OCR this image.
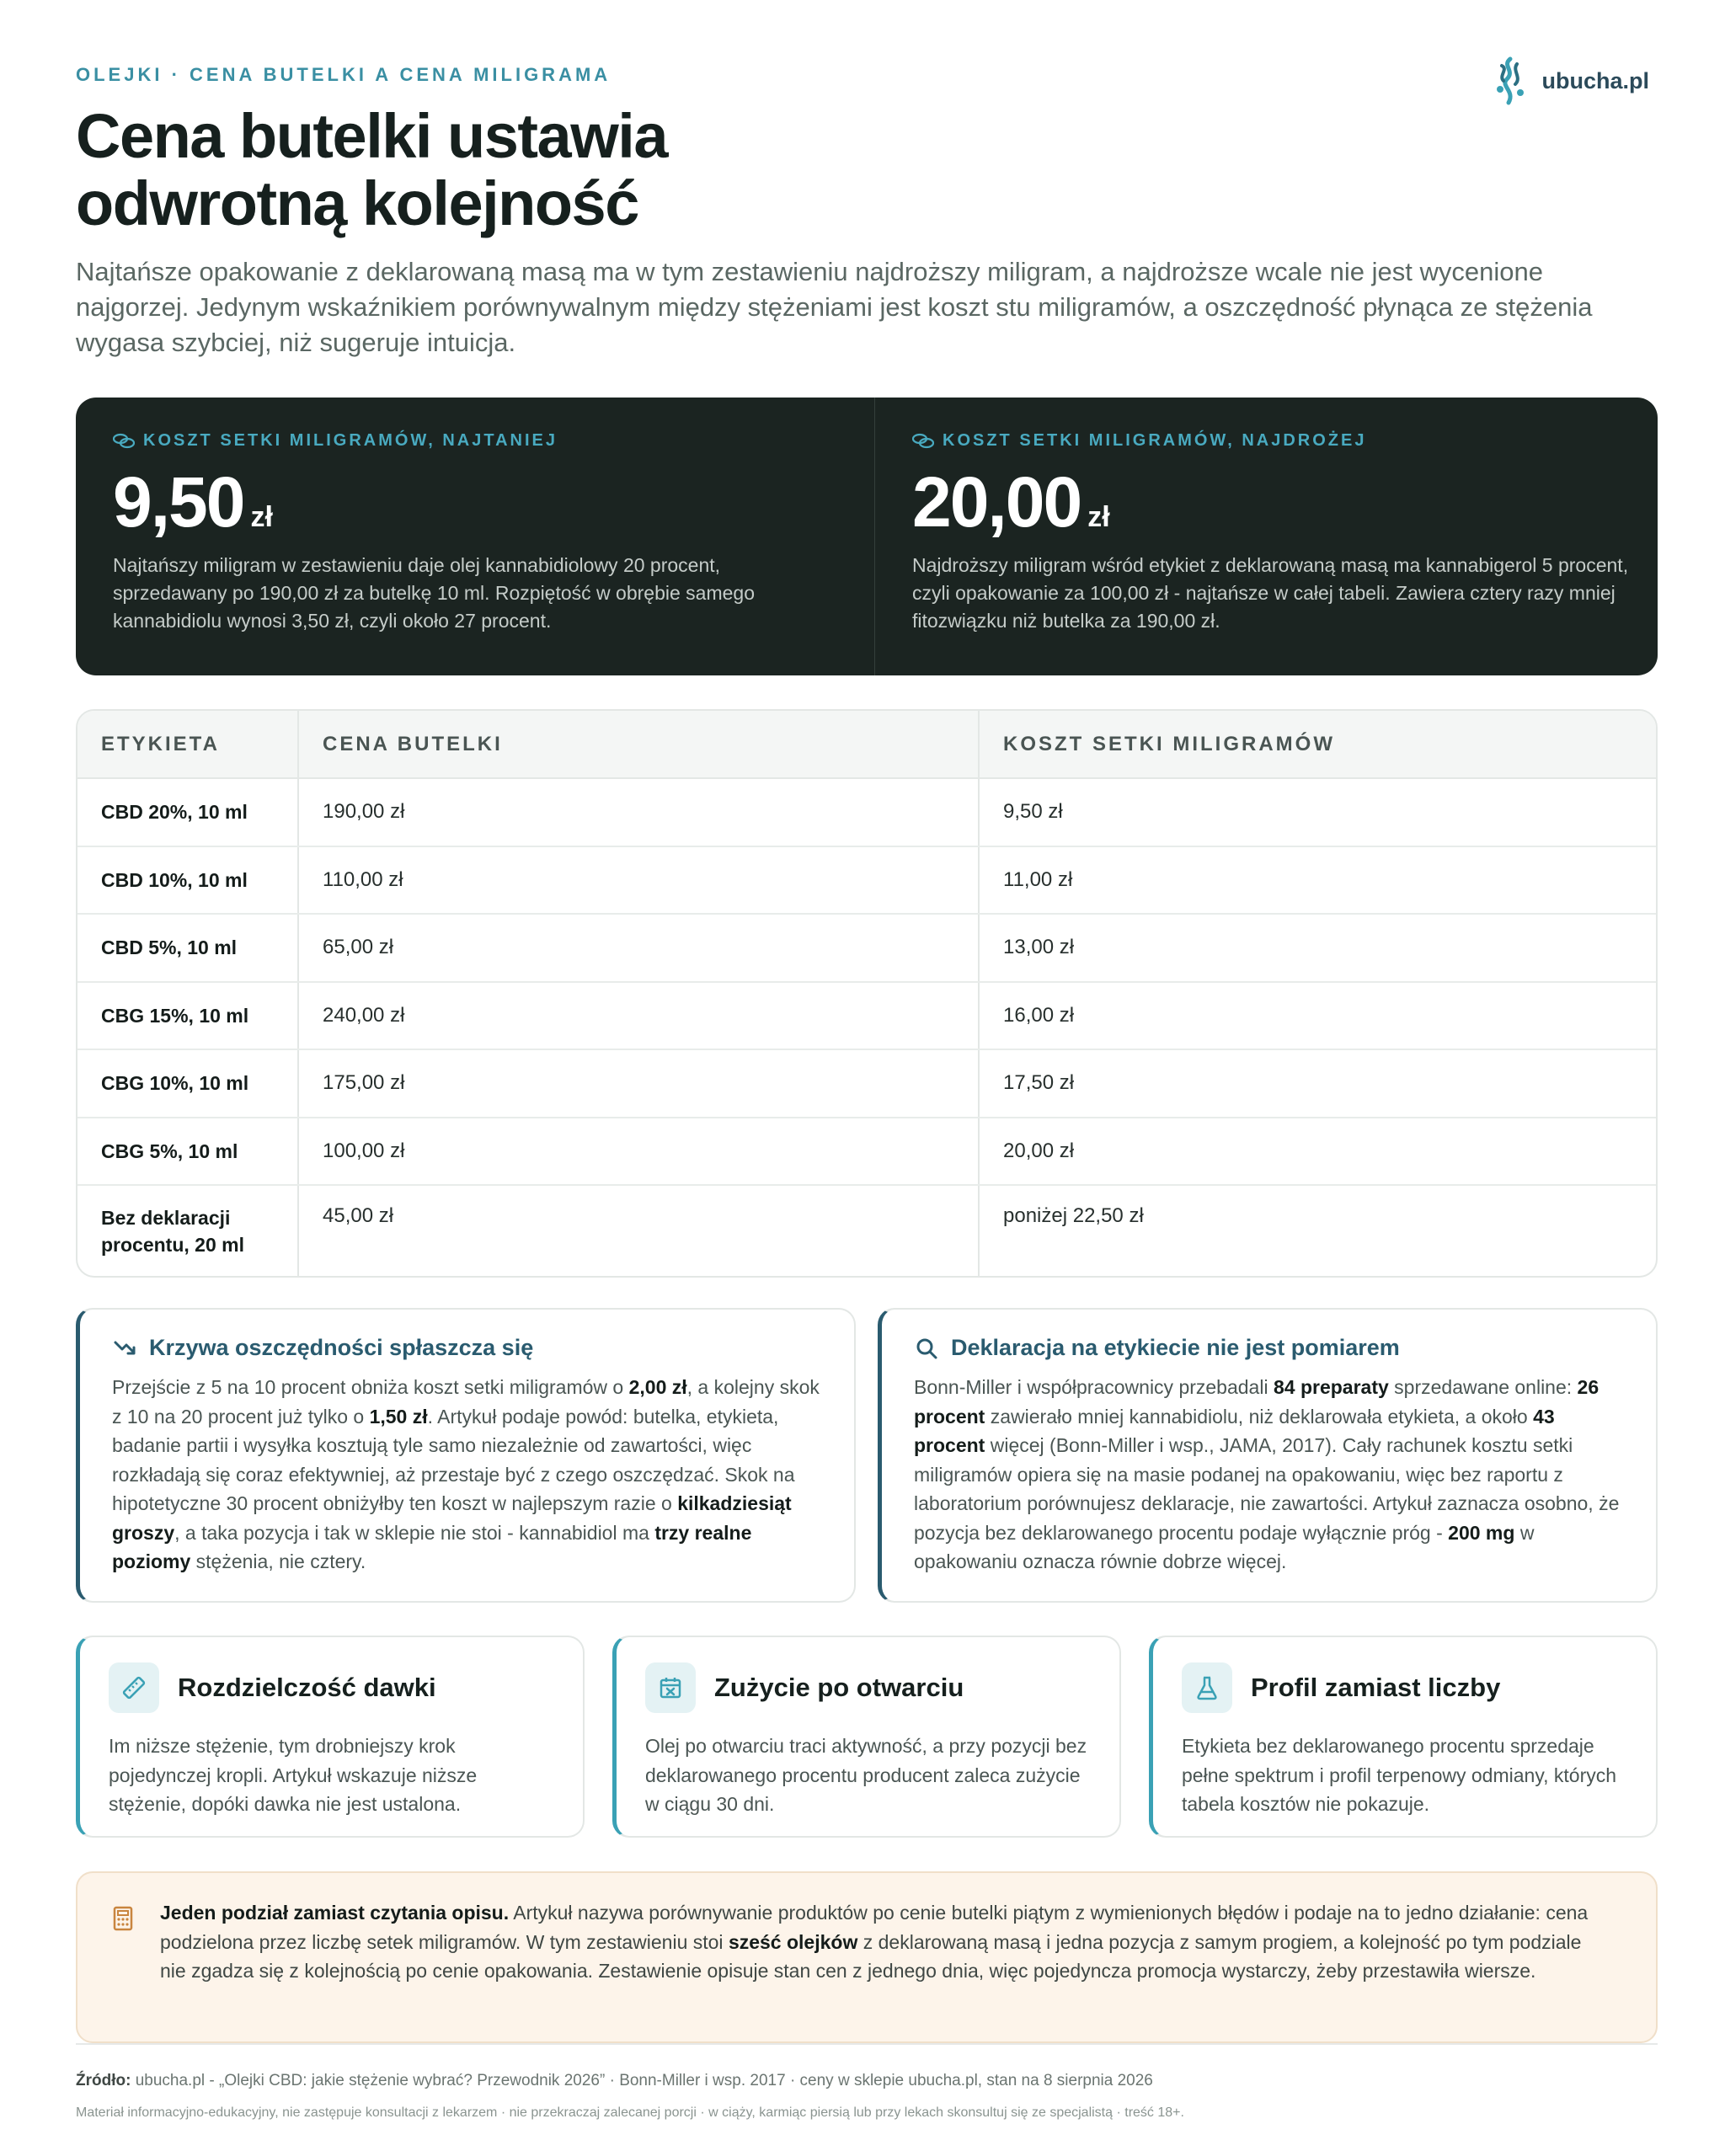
OLEJKI · CENA BUTELKI A CENA MILIGRAMA	ubucha.pl
Cena butelki ustawia
odwrotną kolejność

Najtańsze opakowanie z deklarowaną masą ma w tym zestawieniu najdroższy miligram, a najdroższe wcale nie jest wycenione najgorzej. Jedynym wskaźnikiem porównywalnym między stężeniami jest koszt stu miligramów, a oszczędność płynąca ze stężenia wygasa szybciej, niż sugeruje intuicja.

KOSZT SETKI MILIGRAMÓW, NAJTANIEJ
9,50 zł

Najtańszy miligram w zestawieniu daje olej kannabidiolowy 20 procent, sprzedawany po 190,00 zł za butelkę 10 ml. Rozpiętość w obrębie samego kannabidiolu wynosi 3,50 zł, czyli około 27 procent.

KOSZT SETKI MILIGRAMÓW, NAJDROŻEJ
20,00 zł

Najdroższy miligram wśród etykiet z deklarowaną masą ma kannabigerol 5 procent, czyli opakowanie za 100,00 zł - najtańsze w całej tabeli. Zawiera cztery razy mniej fitozwiązku niż butelka za 190,00 zł.

ETYKIETA	CENA BUTELKI	KOSZT SETKI MILIGRAMÓW
CBD 20%, 10 ml	190,00 zł	9,50 zł
CBD 10%, 10 ml	110,00 zł	11,00 zł
CBD 5%, 10 ml	65,00 zł	13,00 zł
CBG 15%, 10 ml	240,00 zł	16,00 zł
CBG 10%, 10 ml	175,00 zł	17,50 zł
CBG 5%, 10 ml	100,00 zł	20,00 zł
Bez deklaracji procentu, 20 ml	45,00 zł	poniżej 22,50 zł
Krzywa oszczędności spłaszcza się

Przejście z 5 na 10 procent obniża koszt setki miligramów o 2,00 zł, a kolejny skok z 10 na 20 procent już tylko o 1,50 zł. Artykuł podaje powód: butelka, etykieta, badanie partii i wysyłka kosztują tyle samo niezależnie od zawartości, więc rozkładają się coraz efektywniej, aż przestaje być z czego oszczędzać. Skok na hipotetyczne 30 procent obniżyłby ten koszt w najlepszym razie o kilkadziesiąt groszy, a taka pozycja i tak w sklepie nie stoi - kannabidiol ma trzy realne poziomy stężenia, nie cztery.

Deklaracja na etykiecie nie jest pomiarem

Bonn-Miller i współpracownicy przebadali 84 preparaty sprzedawane online: 26 procent zawierało mniej kannabidiolu, niż deklarowała etykieta, a około 43 procent więcej (Bonn-Miller i wsp., JAMA, 2017). Cały rachunek kosztu setki miligramów opiera się na masie podanej na opakowaniu, więc bez raportu z laboratorium porównujesz deklaracje, nie zawartości. Artykuł zaznacza osobno, że pozycja bez deklarowanego procentu podaje wyłącznie próg - 200 mg w opakowaniu oznacza równie dobrze więcej.

Rozdzielczość dawki

Im niższe stężenie, tym drobniejszy krok pojedynczej kropli. Artykuł wskazuje niższe stężenie, dopóki dawka nie jest ustalona.

Zużycie po otwarciu

Olej po otwarciu traci aktywność, a przy pozycji bez deklarowanego procentu producent zaleca zużycie w ciągu 30 dni.

Profil zamiast liczby

Etykieta bez deklarowanego procentu sprzedaje pełne spektrum i profil terpenowy odmiany, których tabela kosztów nie pokazuje.

Jeden podział zamiast czytania opisu. Artykuł nazywa porównywanie produktów po cenie butelki piątym z wymienionych błędów i podaje na to jedno działanie: cena podzielona przez liczbę setek miligramów. W tym zestawieniu stoi sześć olejków z deklarowaną masą i jedna pozycja z samym progiem, a kolejność po tym podziale nie zgadza się z kolejnością po cenie opakowania. Zestawienie opisuje stan cen z jednego dnia, więc pojedyncza promocja wystarczy, żeby przestawiła wiersze.

Źródło: ubucha.pl - „Olejki CBD: jakie stężenie wybrać? Przewodnik 2026” · Bonn-Miller i wsp. 2017 · ceny w sklepie ubucha.pl, stan na 8 sierpnia 2026

Materiał informacyjno-edukacyjny, nie zastępuje konsultacji z lekarzem · nie przekraczaj zalecanej porcji · w ciąży, karmiąc piersią lub przy lekach skonsultuj się ze specjalistą · treść 18+.
